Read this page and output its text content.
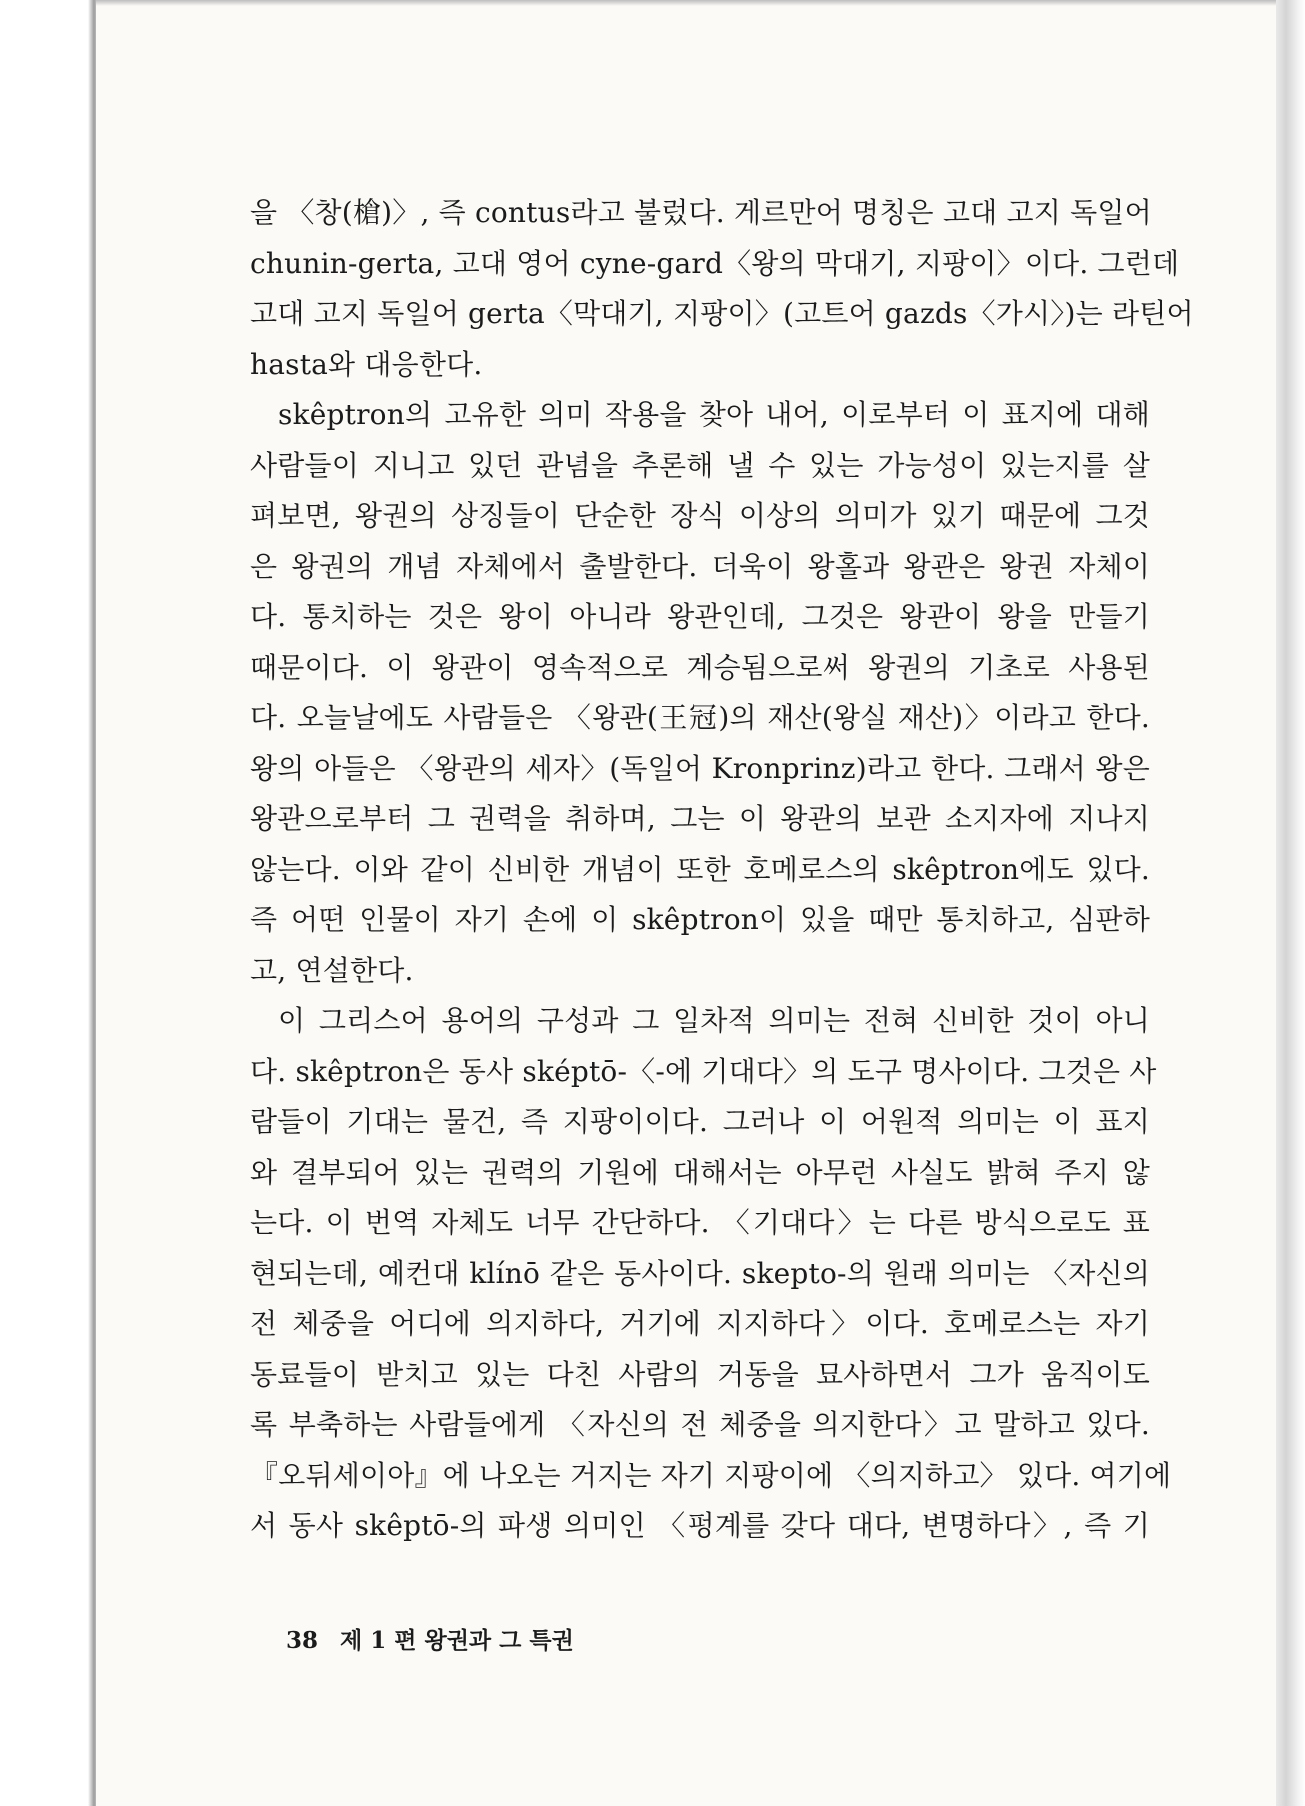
을 〈창(槍)〉, 즉 contus라고 불렀다. 게르만어 명칭은 고대 고지 독일어
chunin-gerta, 고대 영어 cyne-gard〈왕의 막대기, 지팡이〉이다. 그런데
고대 고지 독일어 gerta〈막대기, 지팡이〉(고트어 gazds〈가시〉)는 라틴어
hasta와 대응한다.
skêptron의 고유한 의미 작용을 찾아 내어, 이로부터 이 표지에 대해
사람들이 지니고 있던 관념을 추론해 낼 수 있는 가능성이 있는지를 살
펴보면, 왕권의 상징들이 단순한 장식 이상의 의미가 있기 때문에 그것
은 왕권의 개념 자체에서 출발한다. 더욱이 왕홀과 왕관은 왕권 자체이
다. 통치하는 것은 왕이 아니라 왕관인데, 그것은 왕관이 왕을 만들기
때문이다. 이 왕관이 영속적으로 계승됨으로써 왕권의 기초로 사용된
다. 오늘날에도 사람들은 〈왕관(王冠)의 재산(왕실 재산)〉이라고 한다.
왕의 아들은 〈왕관의 세자〉(독일어 Kronprinz)라고 한다. 그래서 왕은
왕관으로부터 그 권력을 취하며, 그는 이 왕관의 보관 소지자에 지나지
않는다. 이와 같이 신비한 개념이 또한 호메로스의 skêptron에도 있다.
즉 어떤 인물이 자기 손에 이 skêptron이 있을 때만 통치하고, 심판하
고, 연설한다.
이 그리스어 용어의 구성과 그 일차적 의미는 전혀 신비한 것이 아니
다. skêptron은 동사 sképtō-〈-에 기대다〉의 도구 명사이다. 그것은 사
람들이 기대는 물건, 즉 지팡이이다. 그러나 이 어원적 의미는 이 표지
와 결부되어 있는 권력의 기원에 대해서는 아무런 사실도 밝혀 주지 않
는다. 이 번역 자체도 너무 간단하다. 〈기대다〉는 다른 방식으로도 표
현되는데, 예컨대 klínō 같은 동사이다. skepto-의 원래 의미는 〈자신의
전 체중을 어디에 의지하다, 거기에 지지하다〉이다. 호메로스는 자기
동료들이 받치고 있는 다친 사람의 거동을 묘사하면서 그가 움직이도
록 부축하는 사람들에게 〈자신의 전 체중을 의지한다〉고 말하고 있다.
『오뒤세이아』에 나오는 거지는 자기 지팡이에 〈의지하고〉 있다. 여기에
서 동사 skêptō-의 파생 의미인 〈펑계를 갖다 대다, 변명하다〉, 즉 기
38 제 1 편 왕권과 그 특권
